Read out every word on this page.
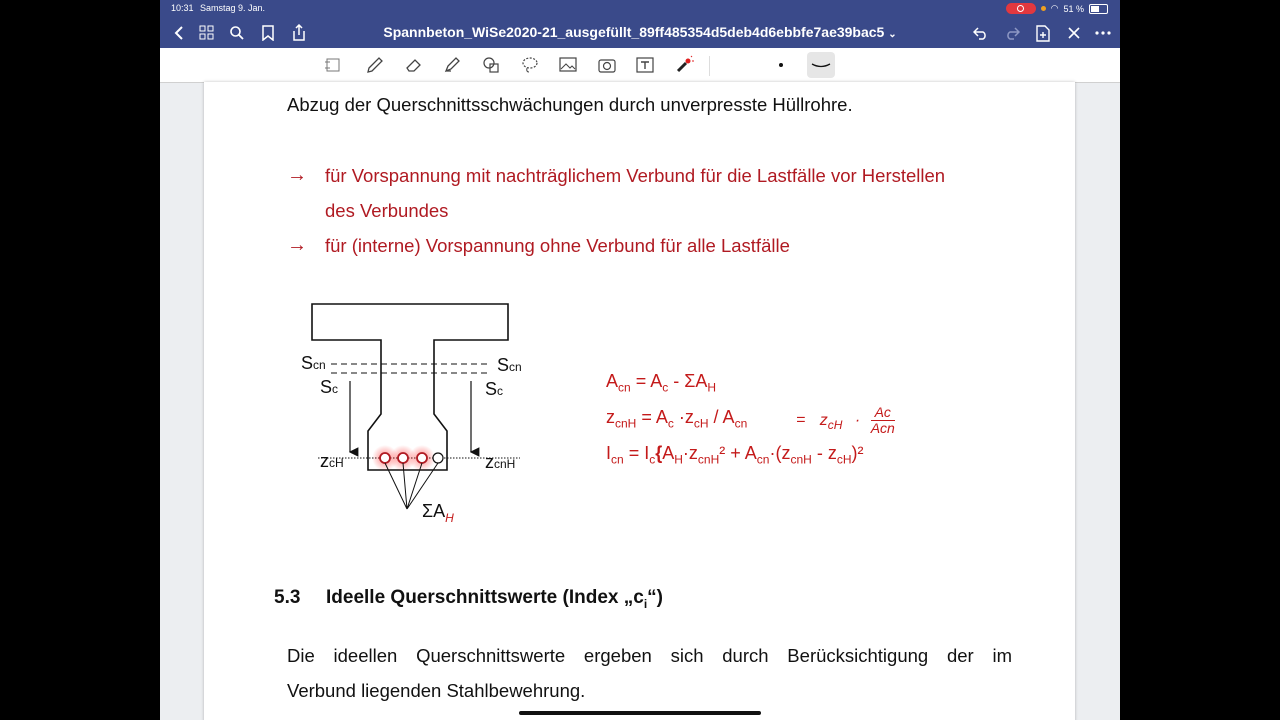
10:31 Samstag 9. Jan.	◠ 51 %
Spannbeton_WiSe2020-21_ausgefüllt_89ff485354d5deb4d6ebbfe7ae39bac5 ⌄
Abzug der Querschnittsschwächungen durch unverpresste Hüllrohre.
→ für Vorspannung mit nachträglichem Verbund für die Lastfälle vor Herstellen
des Verbundes
→ für (interne) Vorspannung ohne Verbund für alle Lastfälle
Scn
Sc
Scn
Sc
zcH	zcnH
$\Sigma A_H$
$A_{cn} = A_c - \Sigma A_H$
$z_{cnH} = A_c \cdot z_{cH} / A_{cn}$	= $z_{cH} \cdot Ac$
Acn
$I_{cn} = I_c\{A_H\cdot z_{cnH}^2 + A_{cn}\cdot(z_{cnH} - z_{cH})^2$
5.3 Ideelle Querschnittswerte (Index $„c_i“$)
Die ideellen Querschnittswerte ergeben sich durch Berücksichtigung der im
Verbund liegenden Stahlbewehrung.
